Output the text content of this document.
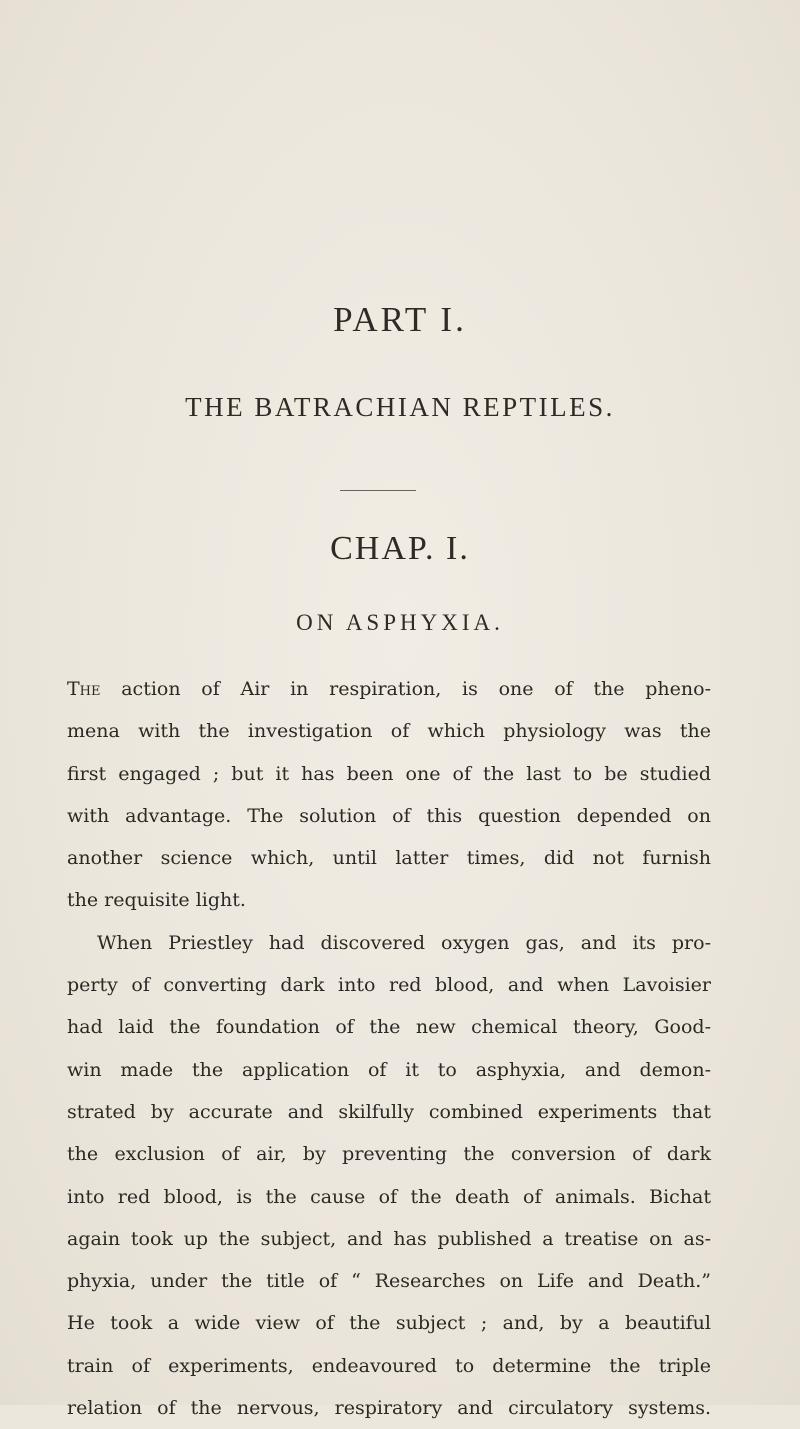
PART I.
THE BATRACHIAN REPTILES.
CHAP. I.
ON ASPHYXIA.
The action of Air in respiration, is one of the pheno-
mena with the investigation of which physiology was the
first engaged ; but it has been one of the last to be studied
with advantage. The solution of this question depended on
another science which, until latter times, did not furnish
the requisite light.
When Priestley had discovered oxygen gas, and its pro-
perty of converting dark into red blood, and when Lavoisier
had laid the foundation of the new chemical theory, Good-
win made the application of it to asphyxia, and demon-
strated by accurate and skilfully combined experiments that
the exclusion of air, by preventing the conversion of dark
into red blood, is the cause of the death of animals. Bichat
again took up the subject, and has published a treatise on as-
phyxia, under the title of “ Researches on Life and Death.”
He took a wide view of the subject ; and, by a beautiful
train of experiments, endeavoured to determine the triple
relation of the nervous, respiratory and circulatory systems.
